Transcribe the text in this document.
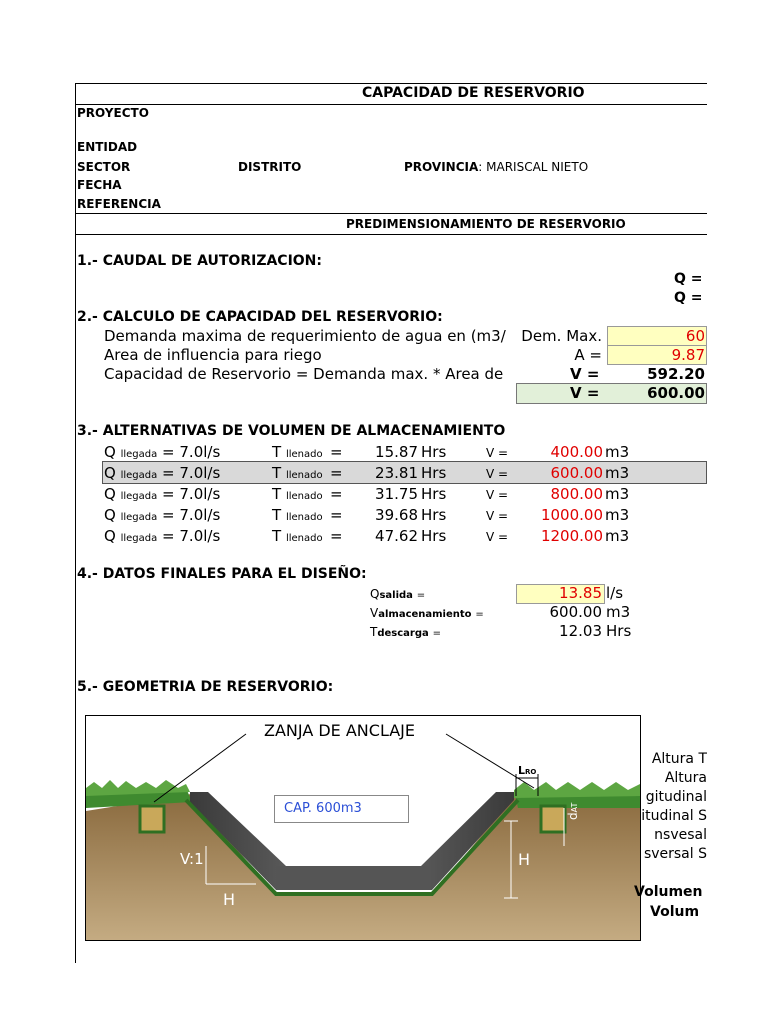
CAPACIDAD DE RESERVORIO
PROYECTO
ENTIDAD
SECTOR	DISTRITO	PROVINCIA: MARISCAL NIETO
FECHA
REFERENCIA
PREDIMENSIONAMIENTO DE RESERVORIO
1.- CAUDAL DE AUTORIZACION:
Q =
Q =
2.- CALCULO DE CAPACIDAD DEL RESERVORIO:
Demanda maxima de requerimiento de agua en (m3/	Dem. Max.	60
Area de influencia para riego	A =	9.87
Capacidad de Reservorio = Demanda max. * Area de	V =	592.20
V =	600.00
3.- ALTERNATIVAS DE VOLUMEN DE ALMACENAMIENTO
Q llegada = 7.0l/s	T llenado =	15.87 Hrs	V =	400.00 m3
Q llegada = 7.0l/s	T llenado =	23.81 Hrs	V =	600.00 m3
Q llegada = 7.0l/s	T llenado =	31.75 Hrs	V =	800.00 m3
Q llegada = 7.0l/s	T llenado =	39.68 Hrs	V =	1000.00 m3
Q llegada = 7.0l/s	T llenado =	47.62 Hrs	V =	1200.00 m3
4.- DATOS FINALES PARA EL DISEÑO:
Qsalida =	13.85 l/s
Valmacenamiento =	600.00 m3
Tdescarga =	12.03 Hrs
5.- GEOMETRIA DE RESERVORIO:
ZANJA DE ANCLAJE
CAP. 600m3
V:1
H
LRO
H
dAT
Altura T
Altura
gitudinal
itudinal S
nsvesal
sversal S
Volumen
Volum
